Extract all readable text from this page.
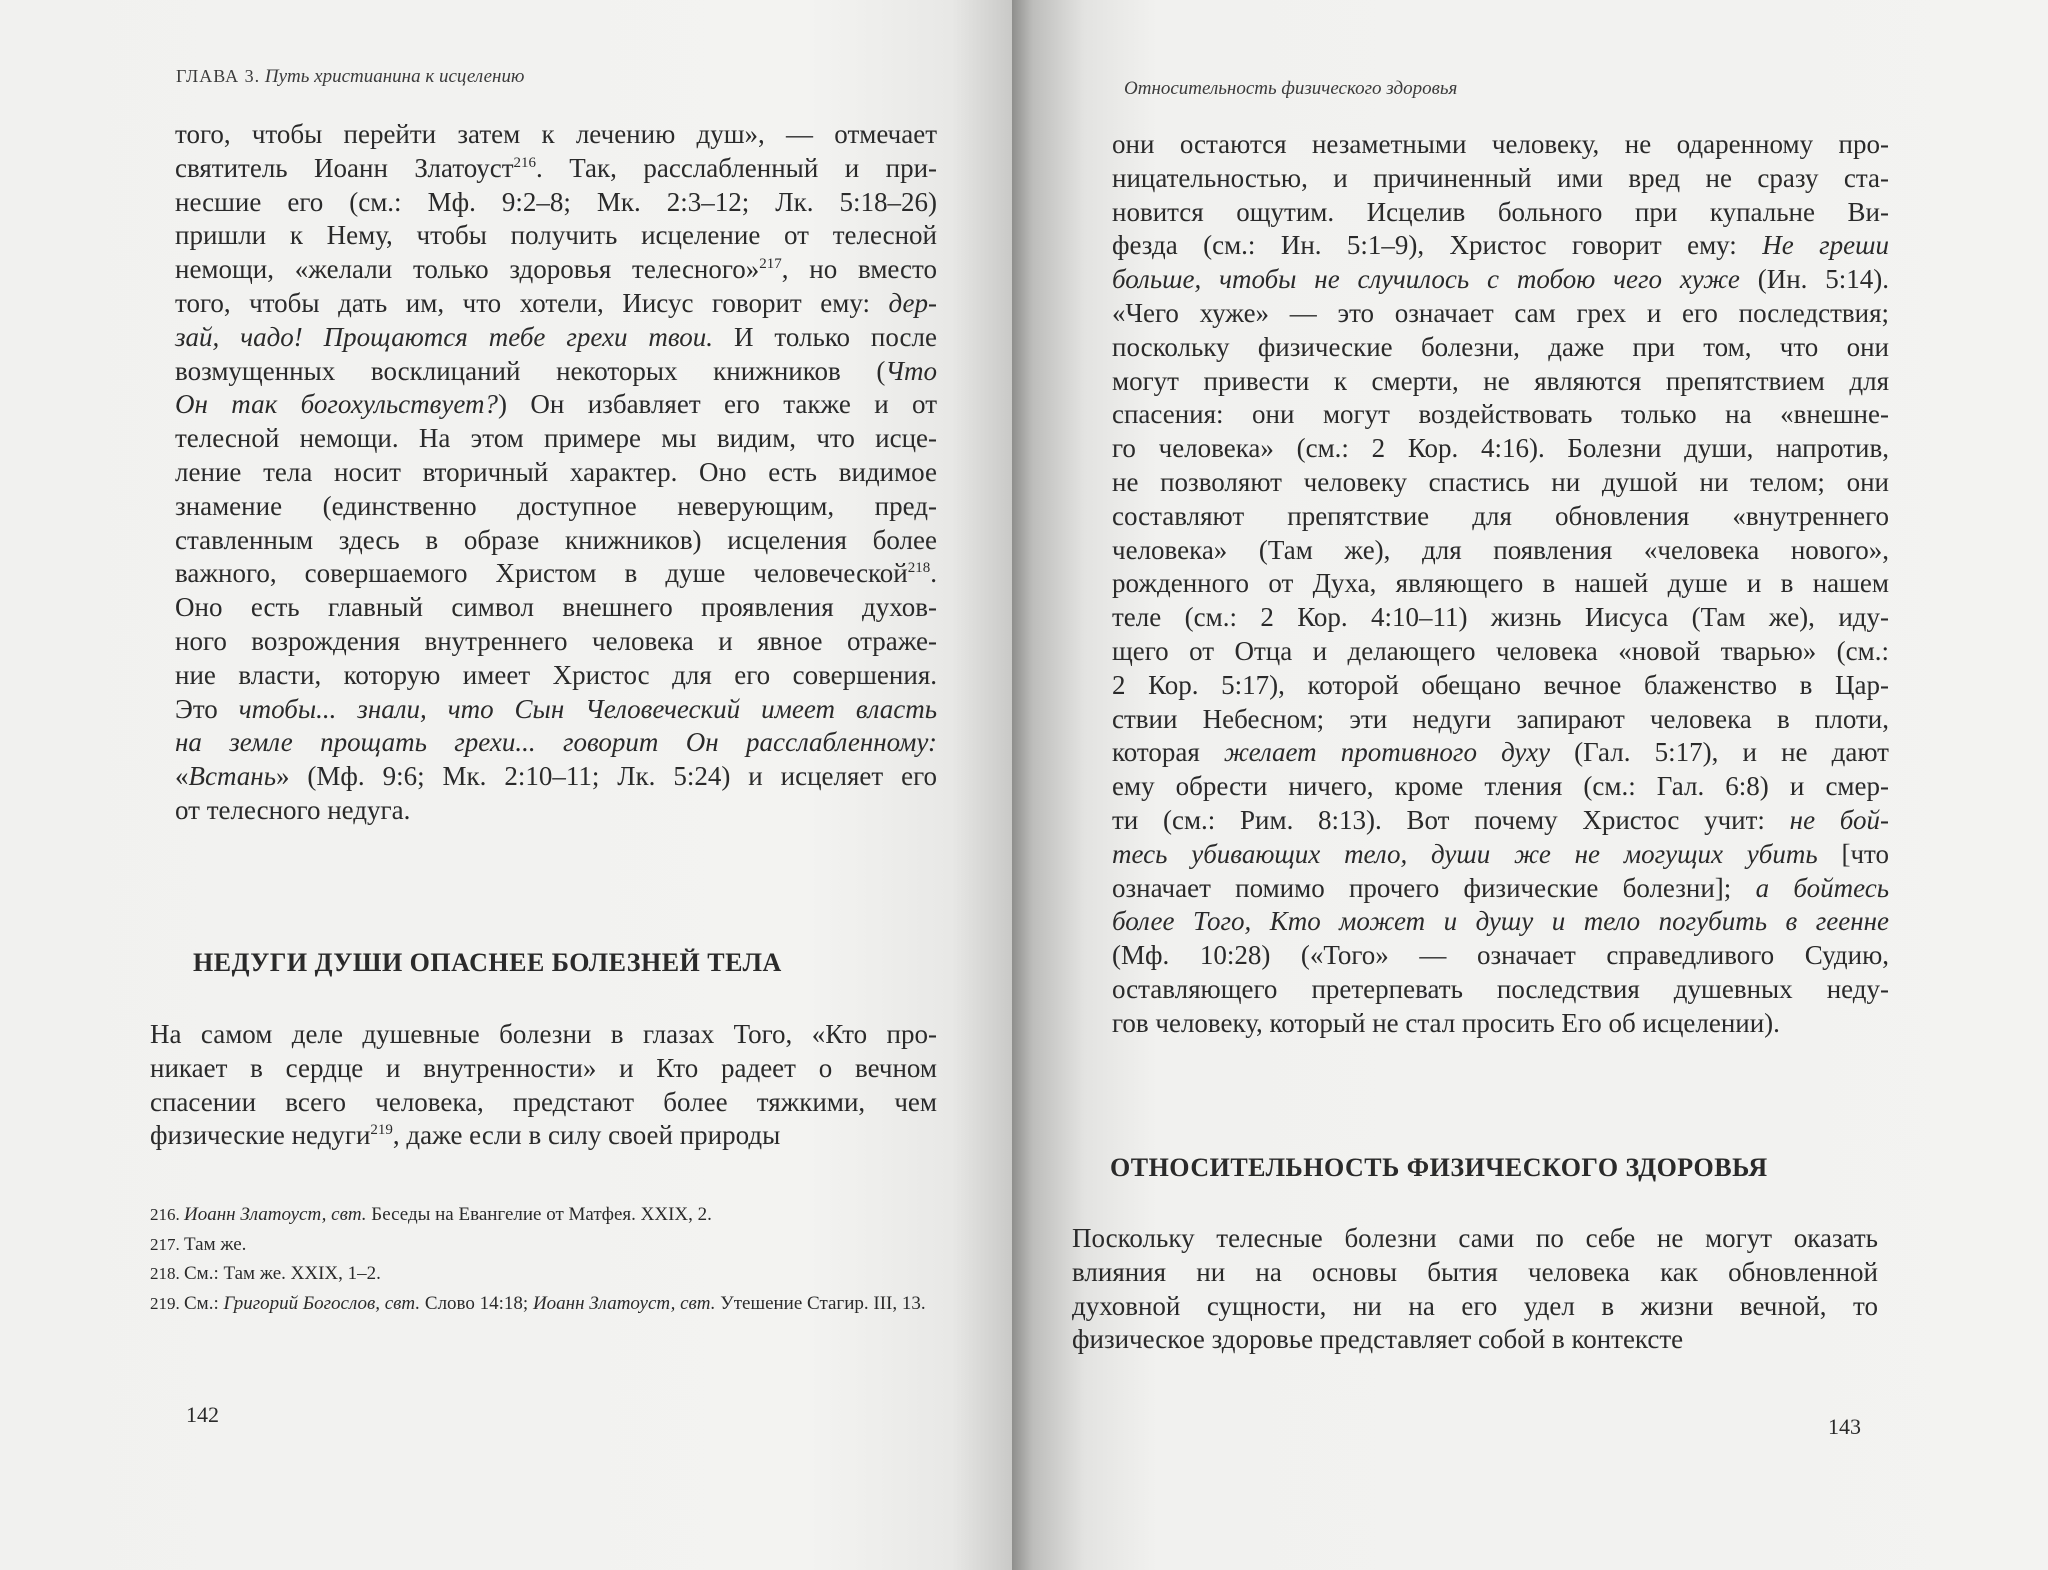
ГЛАВА 3. Путь христианина к исцелению

того, чтобы перейти затем к лечению душ», — отмечает
святитель Иоанн Златоуст$^{216}$. Так, расслабленный и при-
несшие его (см.: Мф. 9:2–8; Мк. 2:3–12; Лк. 5:18–26)
пришли к Нему, чтобы получить исцеление от телесной
немощи, «желали только здоровья телесного»$^{217}$, но вместо
того, чтобы дать им, что хотели, Иисус говорит ему: дер-
зай, чадо! Прощаются тебе грехи твои. И только после
возмущенных восклицаний некоторых книжников (Что
Он так богохульствует?) Он избавляет его также и от
телесной немощи. На этом примере мы видим, что исце-
ление тела носит вторичный характер. Оно есть видимое
знамение (единственно доступное неверующим, пред-
ставленным здесь в образе книжников) исцеления более
важного, совершаемого Христом в душе человеческой$^{218}$.
Оно есть главный символ внешнего проявления духов-
ного возрождения внутреннего человека и явное отраже-
ние власти, которую имеет Христос для его совершения.
Это чтобы... знали, что Сын Человеческий имеет власть
на земле прощать грехи... говорит Он расслабленному:
«Встань» (Мф. 9:6; Мк. 2:10–11; Лк. 5:24) и исцеляет его
от телесного недуга.
НЕДУГИ ДУШИ ОПАСНЕЕ БОЛЕЗНЕЙ ТЕЛА
На самом деле душевные болезни в глазах Того, «Кто про-
никает в сердце и внутренности» и Кто радеет о вечном
спасении всего человека, предстают более тяжкими, чем
физические недуги$^{219}$, даже если в силу своей природы
216. Иоанн Златоуст, свт. Беседы на Евангелие от Матфея. XXIX, 2.
217. Там же.
218. См.: Там же. XXIX, 1–2.
219. См.: Григорий Богослов, свт. Слово 14:18; Иоанн Златоуст, свт. Утешение Стагир. III, 13.

142

Относительность физического здоровья

они остаются незаметными человеку, не одаренному про-
ницательностью, и причиненный ими вред не сразу ста-
новится ощутим. Исцелив больного при купальне Ви-
фезда (см.: Ин. 5:1–9), Христос говорит ему: Не греши
больше, чтобы не случилось с тобою чего хуже (Ин. 5:14).
«Чего хуже» — это означает сам грех и его последствия;
поскольку физические болезни, даже при том, что они
могут привести к смерти, не являются препятствием для
спасения: они могут воздействовать только на «внешне-
го человека» (см.: 2 Кор. 4:16). Болезни души, напротив,
не позволяют человеку спастись ни душой ни телом; они
составляют препятствие для обновления «внутреннего
человека» (Там же), для появления «человека нового»,
рожденного от Духа, являющего в нашей душе и в нашем
теле (см.: 2 Кор. 4:10–11) жизнь Иисуса (Там же), иду-
щего от Отца и делающего человека «новой тварью» (см.:
2 Кор. 5:17), которой обещано вечное блаженство в Цар-
ствии Небесном; эти недуги запирают человека в плоти,
которая желает противного духу (Гал. 5:17), и не дают
ему обрести ничего, кроме тления (см.: Гал. 6:8) и смер-
ти (см.: Рим. 8:13). Вот почему Христос учит: не бой-
тесь убивающих тело, души же не могущих убить [что
означает помимо прочего физические болезни]; а бойтесь
более Того, Кто может и душу и тело погубить в геенне
(Мф. 10:28) («Того» — означает справедливого Судию,
оставляющего претерпевать последствия душевных неду-
гов человеку, который не стал просить Его об исцелении).
ОТНОСИТЕЛЬНОСТЬ ФИЗИЧЕСКОГО ЗДОРОВЬЯ
Поскольку телесные болезни сами по себе не могут оказать
влияния ни на основы бытия человека как обновленной
духовной сущности, ни на его удел в жизни вечной, то
физическое здоровье представляет собой в контексте

143
